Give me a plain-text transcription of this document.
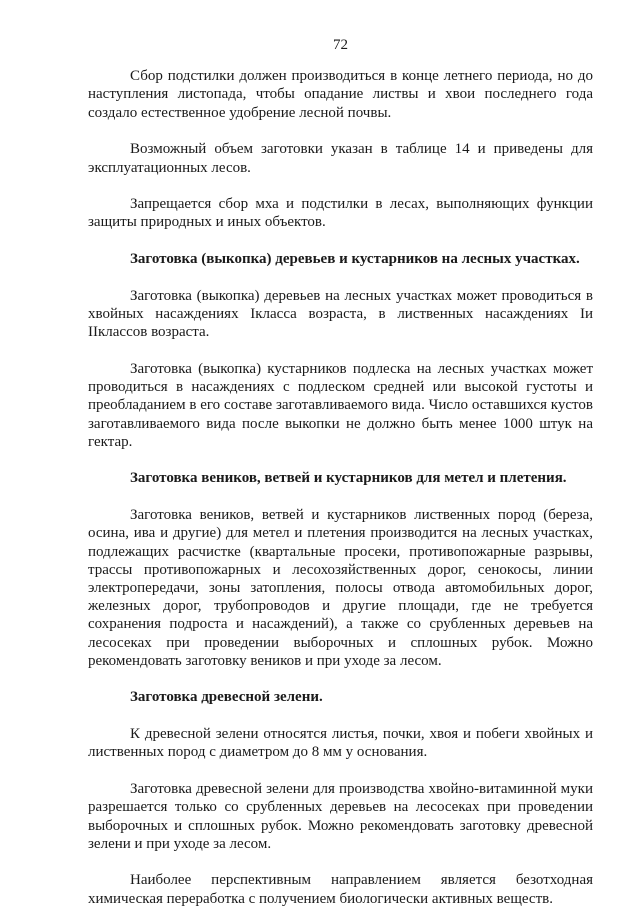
72

Сбор подстилки должен производиться в конце летнего периода, но до наступления листопада, чтобы опадание листвы и хвои последнего года создало естественное удобрение лесной почвы.

Возможный объем заготовки указан в таблице 14 и приведены для эксплуатационных лесов.

Запрещается сбор мха и подстилки в лесах, выполняющих функции защиты природных и иных объектов.

Заготовка (выкопка) деревьев и кустарников на лесных участках.

Заготовка (выкопка) деревьев на лесных участках может проводиться в хвойных насаждениях Iкласса возраста, в лиственных насаждениях Iи IIклассов возраста.

Заготовка (выкопка) кустарников подлеска на лесных участках может проводиться в насаждениях с подлеском средней или высокой густоты и преобладанием в его составе заготавливаемого вида. Число оставшихся кустов заготавливаемого вида после выкопки не должно быть менее 1000 штук на гектар.

Заготовка веников, ветвей и кустарников для метел и плетения.

Заготовка веников, ветвей и кустарников лиственных пород (береза, осина, ива и другие) для метел и плетения производится на лесных участках, подлежащих расчистке (квартальные просеки, противопожарные разрывы, трассы противопожарных и лесохозяйственных дорог, сенокосы, линии электропередачи, зоны затопления, полосы отвода автомобильных дорог, железных дорог, трубопроводов и другие площади, где не требуется сохранения подроста и насаждений), а также со срубленных деревьев на лесосеках при проведении выборочных и сплошных рубок. Можно рекомендовать заготовку веников и при уходе за лесом.

Заготовка древесной зелени.

К древесной зелени относятся листья, почки, хвоя и побеги хвойных и лиственных пород с диаметром до 8 мм у основания.

Заготовка древесной зелени для производства хвойно-витаминной муки разрешается только со срубленных деревьев на лесосеках при проведении выборочных и сплошных рубок. Можно рекомендовать заготовку древесной зелени и при уходе за лесом.

Наиболее перспективным направлением является безотходная химическая переработка с получением биологически активных веществ.
